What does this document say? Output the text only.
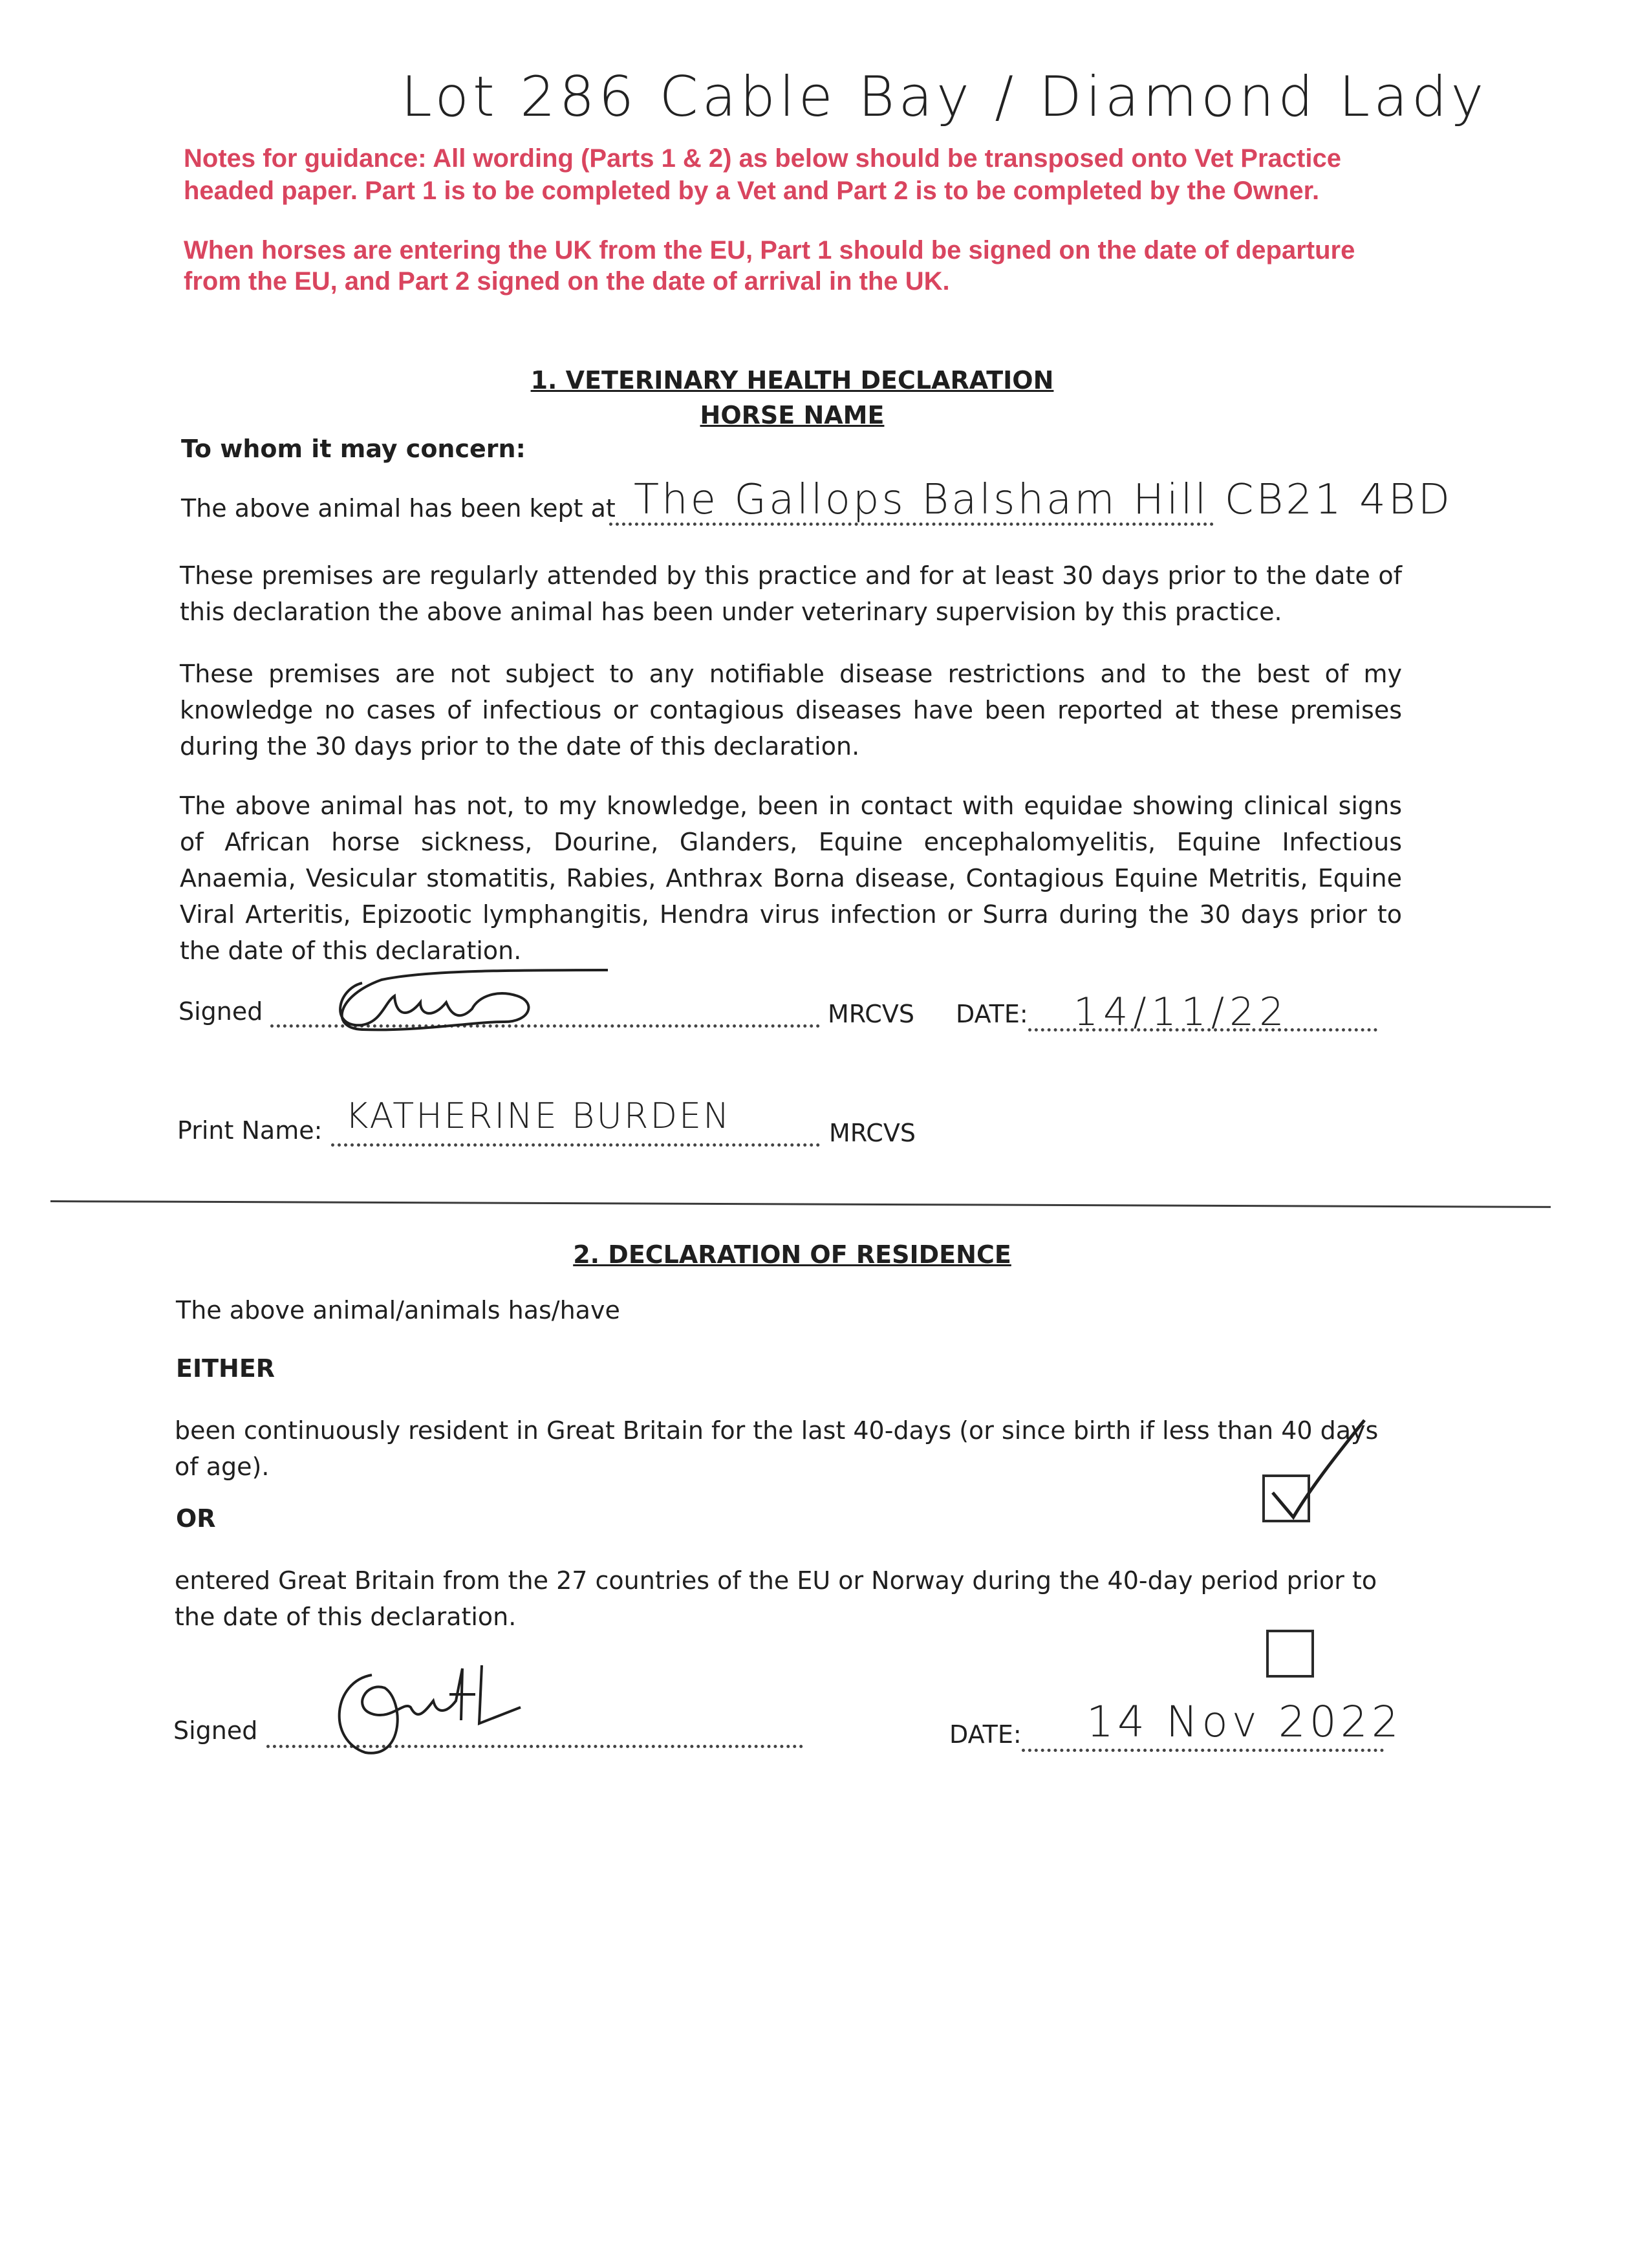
Lot 286 Cable Bay / Diamond Lady
Notes for guidance: All wording (Parts 1 & 2) as below should be transposed onto Vet Practice
headed paper. Part 1 is to be completed by a Vet and Part 2 is to be completed by the Owner.
When horses are entering the UK from the EU, Part 1 should be signed on the date of departure
from the EU, and Part 2 signed on the date of arrival in the UK.
1. VETERINARY HEALTH DECLARATION
HORSE NAME
To whom it may concern:
The above animal has been kept at The Gallops Balsham Hill CB21 4BD
These premises are regularly attended by this practice and for at least 30 days prior to the date of this declaration the above animal has been under veterinary supervision by this practice.
These premises are not subject to any notifiable disease restrictions and to the best of my knowledge no cases of infectious or contagious diseases have been reported at these premises during the 30 days prior to the date of this declaration.
The above animal has not, to my knowledge, been in contact with equidae showing clinical signs of African horse sickness, Dourine, Glanders, Equine encephalomyelitis, Equine Infectious Anaemia, Vesicular stomatitis, Rabies, Anthrax Borna disease, Contagious Equine Metritis, Equine Viral Arteritis, Epizootic lymphangitis, Hendra virus infection or Surra during the 30 days prior to the date of this declaration.
Signed	MRCVS DATE: 14/11/22
Print Name: KATHERINE BURDEN	MRCVS
2. DECLARATION OF RESIDENCE
The above animal/animals has/have
EITHER
been continuously resident in Great Britain for the last 40-days (or since birth if less than 40 days of age).
OR
entered Great Britain from the 27 countries of the EU or Norway during the 40-day period prior to the date of this declaration.
Signed	DATE: 14 Nov 2022
